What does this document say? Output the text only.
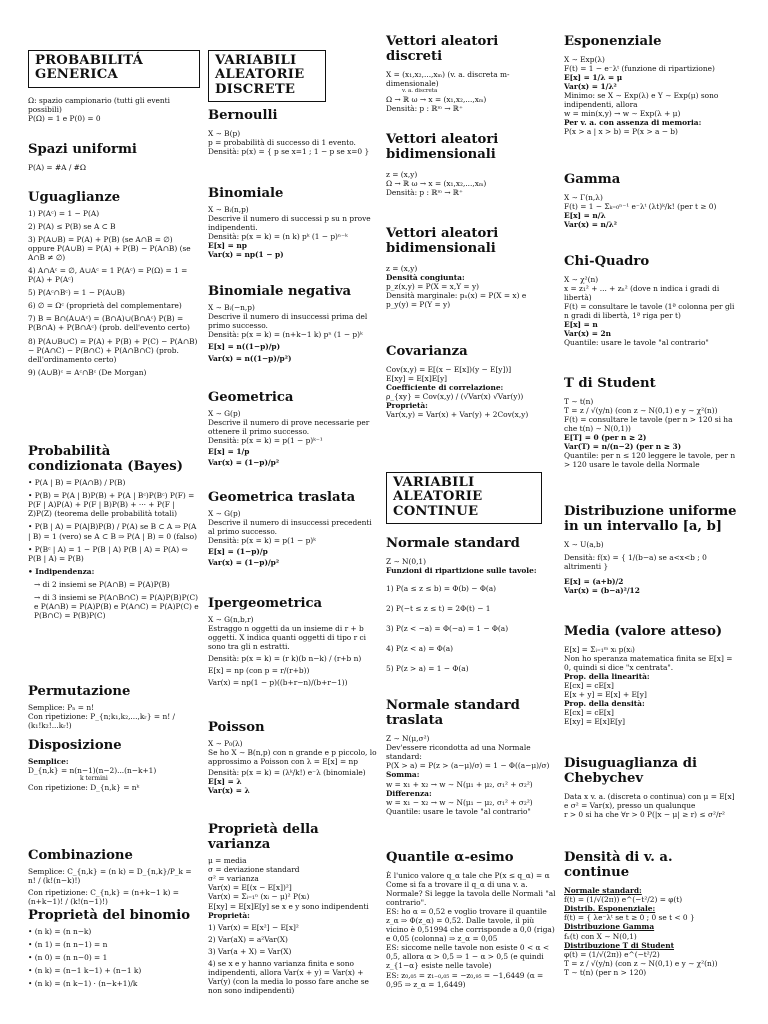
PROBABILITÁ GENERICA

Ω: spazio campionario (tutti gli eventi possibili)

P(Ω) = 1 e P(0) = 0

Spazi uniformi

P(A) = #A / #Ω

Uguaglianze
1) P(Aᶜ) = 1 − P(A)
2) P(A) ≤ P(B) se A ⊂ B
3) P(A∪B) = P(A) + P(B) (se A∩B = ∅) oppure P(A∪B) = P(A) + P(B) − P(A∩B) (se A∩B ≠ ∅)
4) A∩Aᶜ = ∅, A∪Aᶜ = 1 P(Aᶜ) = P(Ω) = 1 = P(A) + P(Aᶜ)
5) P(Aᶜ∩Bᶜ) = 1 − P(A∪B)
6) ∅ = Ωᶜ (proprietà del complementare)
7) B = B∩(A∪Aᶜ) = (B∩A)∪(B∩Aᶜ) P(B) = P(B∩A) + P(B∩Aᶜ) (prob. dell'evento certo)
8) P(A∪B∪C) = P(A) + P(B) + P(C) − P(A∩B) − P(A∩C) − P(B∩C) + P(A∩B∩C) (prob. dell'ordinamento certo)
9) (A∪B)ᶜ = Aᶜ∩Bᶜ (De Morgan)
Probabilità condizionata (Bayes)
• P(A | B) = P(A∩B) / P(B)
• P(B) = P(A | B)P(B) + P(A | Bᶜ)P(Bᶜ) P(F) = P(F | A)P(A) + P(F | B)P(B) + ··· + P(F | Z)P(Z) (teorema delle probabilità totali)
• P(B | A) = P(A|B)P(B) / P(A) se B ⊂ A ⇒ P(A | B) = 1 (vero) se A ⊂ B ⇒ P(A | B) = 0 (falso)
• P(Bᶜ | A) = 1 − P(B | A) P(B | A) = P(A) ⇔ P(B | A) = P(B)
• Indipendenza:
→ di 2 insiemi se P(A∩B) = P(A)P(B)
→ di 3 insiemi se P(A∩B∩C) = P(A)P(B)P(C) e P(A∩B) = P(A)P(B) e P(A∩C) = P(A)P(C) e P(B∩C) = P(B)P(C)
Permutazione

Semplice: Pₙ = n!

Con ripetizione: P_{n;k₁,k₂,...,kᵣ} = n! / (k₁!k₂!...kᵣ!)

Disposizione

Semplice:

D_{n,k} = n(n−1)(n−2)...(n−k+1)

k termini

Con ripetizione: D_{n,k} = nᵏ

Combinazione

Semplice: C_{n,k} = (n k) = D_{n,k}/P_k = n! / (k!(n−k)!)

Con ripetizione: C_{n,k} = (n+k−1 k) = (n+k−1)! / (k!(n−1)!)

Proprietà del binomio
• (n k) = (n n−k)
• (n 1) = (n n−1) = n
• (n 0) = (n n−0) = 1
• (n k) = (n−1 k−1) + (n−1 k)
• (n k) = (n k−1) · (n−k+1)/k
VARIABILI ALEATORIE DISCRETE
Bernoulli

X ∼ B(p)

p = probabilità di successo di 1 evento.

Densità: p(x) = { p se x=1 ; 1 − p se x=0 }

Binomiale

X ∼ Bᵢ(n,p)

Descrive il numero di successi p su n prove indipendenti.

Densità: p(x = k) = (n k) pᵏ (1 − p)ⁿ⁻ᵏ

E[x] = np

Var(x) = np(1 − p)

Binomiale negativa

X ∼ Bᵢ(−n,p)

Descrive il numero di insuccessi prima del primo successo.

Densità: p(x = k) = (n+k−1 k) pⁿ (1 − p)ᵏ

E[x] = n((1−p)/p)

Var(x) = n((1−p)/p²)

Geometrica

X ∼ G(p)

Descrive il numero di prove necessarie per ottenere il primo successo.

Densità: p(x = k) = p(1 − p)ᵏ⁻¹

E[x] = 1/p

Var(x) = (1−p)/p²

Geometrica traslata

X ∼ G(p)

Descrive il numero di insuccessi precedenti al primo successo.

Densità: p(x = k) = p(1 − p)ᵏ

E[x] = (1−p)/p

Var(x) = (1−p)/p²

Ipergeometrica

X ∼ G(n,b,r)

Estraggo n oggetti da un insieme di r + b oggetti. X indica quanti oggetti di tipo r ci sono tra gli n estratti.

Densità: p(x = k) = (r k)(b n−k) / (r+b n)

E[x] = np (con p = r/(r+b))

Var(x) = np(1 − p)((b+r−n)/(b+r−1))

Poisson

X ∼ P₀(λ)

Se ho X ∼ B(n,p) con n grande e p piccolo, lo approssimo a Poisson con λ = E[x] = np

Densità: p(x = k) = (λᵏ/k!) e⁻λ (binomiale)

E[x] = λ

Var(x) = λ

Proprietà della varianza

μ = media

σ = deviazione standard

σ² = varianza

Var(x) = E[(x − E[x])²]

Var(x) = Σᵢ₌₁ⁿ (xᵢ − μ)² P(xᵢ)

E[xy] = E[x]E[y] se x e y sono indipendenti

Proprietà:

1) Var(x) = E[x²] − E[x]²

2) Var(aX) = a²Var(X)

3) Var(a + X) = Var(X)

4) se x e y hanno varianza finita e sono indipendenti, allora Var(x + y) = Var(x) + Var(y) (con la media lo posso fare anche se non sono indipendenti)

Vettori aleatori discreti

X = (x₁,x₂,...,xₘ) (v. a. discreta m-dimensionale)

v. a. discreta

Ω → ℝ ω → x = (x₁,x₂,...,xₘ)

Densità: p : ℝᵐ → ℝ⁺

Vettori aleatori bidimensionali

z = (x,y)

Ω → ℝ ω → x = (x₁,x₂,...,xₘ)

Densità: p : ℝᵐ → ℝ⁺

Vettori aleatori bidimensionali

z = (x,y)

Densità congiunta:

p_z(x,y) = P(X = x,Y = y)

Densità marginale: pₓ(x) = P(X = x) e

p_y(y) = P(Y = y)

Covarianza

Cov(x,y) = E[(x − E[x])(y − E[y])]

E[xy] = E[x]E[y]

Coefficiente di correlazione:

ρ_{xy} = Cov(x,y) / (√Var(x) √Var(y))

Proprietà:

Var(x,y) = Var(x) + Var(y) + 2Cov(x,y)

VARIABILI ALEATORIE CONTINUE
Normale standard

Z ∼ N(0,1)

Funzioni di ripartizione sulle tavole:

1) P(a ≤ z ≤ b) = Φ(b) − Φ(a)

2) P(−t ≤ z ≤ t) = 2Φ(t) − 1

3) P(z < −a) = Φ(−a) = 1 − Φ(a)

4) P(z < a) = Φ(a)

5) P(z > a) = 1 − Φ(a)

Normale standard traslata

Z ∼ N(μ,σ²)

Dev'essere ricondotta ad una Normale standard:

P(X > a) = P(z > (a−μ)/σ) = 1 − Φ((a−μ)/σ)

Somma:

w = x₁ + x₂ → w ∼ N(μ₁ + μ₂, σ₁² + σ₂²)

Differenza:

w = x₁ − x₂ → w ∼ N(μ₁ − μ₂, σ₁² + σ₂²)

Quantile: usare le tavole "al contrario"

Quantile α-esimo

È l'unico valore q_α tale che P(x ≤ q_α) = α

Come si fa a trovare il q_α di una v. a. Normale? Si legge la tavola delle Normali "al contrario".

ES: ho α = 0,52 e voglio trovare il quantile z_α ⇒ Φ(z_α) = 0,52. Dalle tavole, il più vicino è 0,51994 che corrisponde a 0,0 (riga) e 0,05 (colonna) ⇒ z_α = 0,05

ES: siccome nelle tavole non esiste 0 < α < 0,5, allora α > 0,5 ⇒ 1 − α > 0,5 (e quindi z_{1−α} esiste nelle tavole)

ES: z₀,₀₅ = z₁₋₀,₀₅ = −z₀,₉₅ = −1,6449 (α = 0,95 ⇒ z_α = 1,6449)

Esponenziale

X ∼ Exp(λ)

F(t) = 1 − e⁻λᵗ (funzione di ripartizione)

E[x] = 1/λ = μ

Var(x) = 1/λ²

Minimo: se X ∼ Exp(λ) e Y ∼ Exp(μ) sono indipendenti, allora

w = min(x,y) → w ∼ Exp(λ + μ)

Per v. a. con assenza di memoria:

P(x > a | x > b) = P(x > a − b)

Gamma

X ∼ Γ(n,λ)

F(t) = 1 − Σₖ₌₀ⁿ⁻¹ e⁻λᵗ (λt)ᵏ/k! (per t ≥ 0)

E[x] = n/λ

Var(x) = n/λ²

Chi-Quadro

X ∼ χ²(n)

x = z₁² + ... + zₙ² (dove n indica i gradi di libertà)

F(t) = consultare le tavole (1ª colonna per gli n gradi di libertà, 1ª riga per t)

E[x] = n

Var(x) = 2n

Quantile: usare le tavole "al contrario"

T di Student

T ∼ t(n)

T = z / √(y/n) (con z ∼ N(0,1) e y ∼ χ²(n))

F(t) = consultare le tavole (per n > 120 si ha che t(n) ∼ N(0,1))

E[T] = 0 (per n ≥ 2)

Var(T) = n/(n−2) (per n ≥ 3)

Quantile: per n ≤ 120 leggere le tavole, per n > 120 usare le tavole della Normale

Distribuzione uniforme in un intervallo [a, b]

X ∼ U(a,b)

Densità: f(x) = { 1/(b−a) se a<x<b ; 0 altrimenti }

E[x] = (a+b)/2

Var(x) = (b−a)²/12

Media (valore atteso)

E[x] = Σᵢ₌₁ᵐ xᵢ p(xᵢ)

Non ho speranza matematica finita se E[x] = 0, quindi si dice "x centrata".

Prop. della linearità:

E[cx] = cE[x]

E[x + y] = E[x] + E[y]

Prop. della densità:

E[cx] = cE[x]

E[xy] = E[x]E[y]

Disuguaglianza di Chebychev

Data x v. a. (discreta o continua) con μ = E[x] e σ² = Var(x), presso un qualunque

r > 0 si ha che ∀r > 0 P(|x − μ| ≥ r) ≤ σ²/r²

Densità di v. a. continue

Normale standard:

f(t) = (1/√(2π)) e^(−t²/2) = φ(t)

Distrib. Esponenziale:

f(t) = { λe⁻λᵗ se t ≥ 0 ; 0 se t < 0 }

Distribuzione Gamma

fₓ(t) con X ∼ N(0,1)

Distribuzione T di Student

φ(t) = (1/√(2π)) e^(−t²/2)

T = z / √(y/n) (con z ∼ N(0,1) e y ∼ χ²(n))

T ∼ t(n) (per n > 120)
